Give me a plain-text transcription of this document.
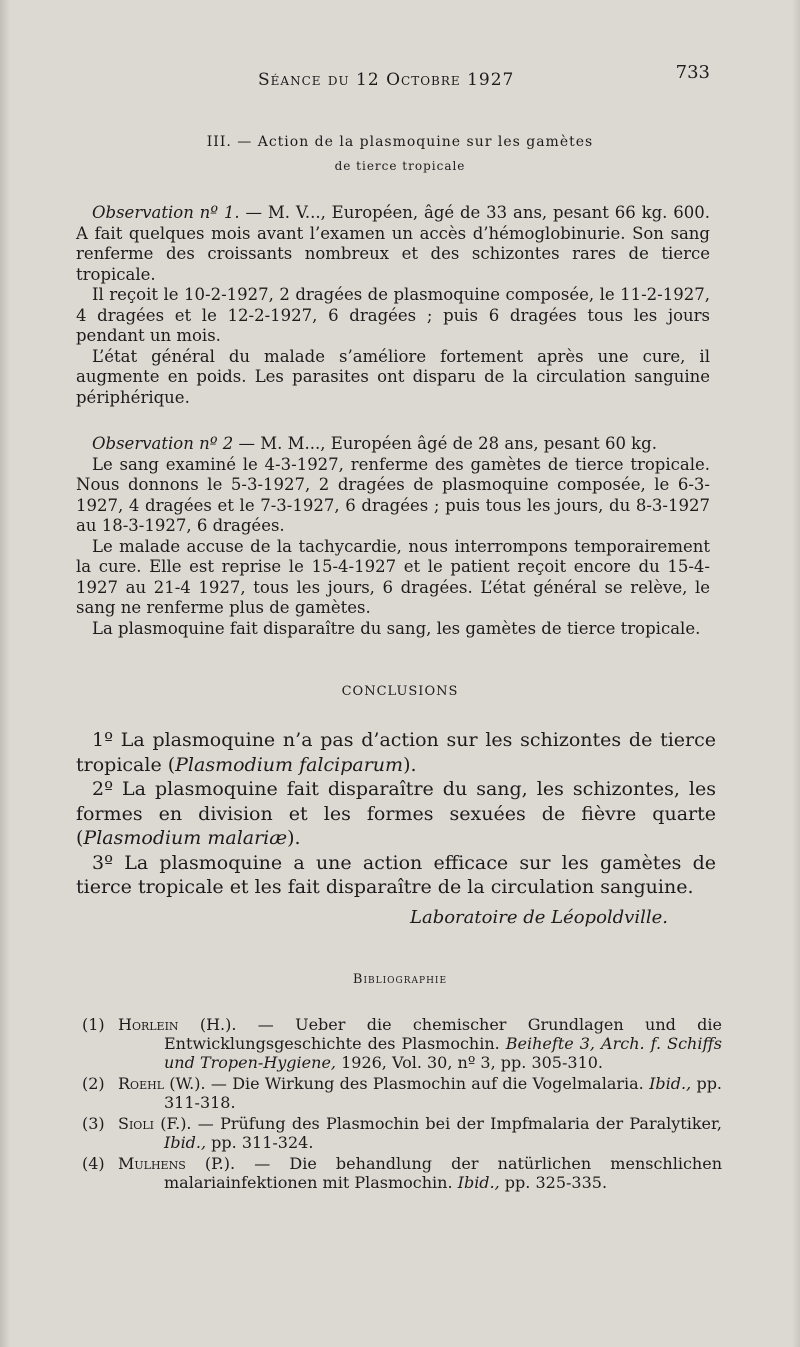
Séance du 12 Octobre 1927	733
III. — Action de la plasmoquine sur les gamètes
de tierce tropicale

Observation nº 1. — M. V..., Européen, âgé de 33 ans, pesant 66 kg. 600. A fait quelques mois avant l’examen un accès d’hémoglobinurie. Son sang renferme des croissants nombreux et des schizontes rares de tierce tropicale.

Il reçoit le 10-2-1927, 2 dragées de plasmoquine composée, le 11-2-1927, 4 dragées et le 12-2-1927, 6 dragées ; puis 6 dragées tous les jours pendant un mois.

L’état général du malade s’améliore fortement après une cure, il augmente en poids. Les parasites ont disparu de la circulation sanguine périphérique.

Observation nº 2 — M. M..., Européen âgé de 28 ans, pesant 60 kg.

Le sang examiné le 4-3-1927, renferme des gamètes de tierce tropicale. Nous donnons le 5-3-1927, 2 dragées de plasmoquine composée, le 6-3-1927, 4 dragées et le 7-3-1927, 6 dragées ; puis tous les jours, du 8-3-1927 au 18-3-1927, 6 dragées.

Le malade accuse de la tachycardie, nous interrompons temporairement la cure. Elle est reprise le 15-4-1927 et le patient reçoit encore du 15-4-1927 au 21-4 1927, tous les jours, 6 dragées. L’état général se relève, le sang ne renferme plus de gamètes.

La plasmoquine fait disparaître du sang, les gamètes de tierce tropicale.

CONCLUSIONS

1º La plasmoquine n’a pas d’action sur les schizontes de tierce tropicale (Plasmodium falciparum).

2º La plasmoquine fait disparaître du sang, les schizontes, les formes en division et les formes sexuées de fièvre quarte (Plasmodium malariæ).

3º La plasmoquine a une action efficace sur les gamètes de tierce tropicale et les fait disparaître de la circulation sanguine.

Laboratoire de Léopoldville.
Bibliographie
(1) Horlein (H.). — Ueber die chemischer Grundlagen und die Entwicklungsgeschichte des Plasmochin. Beihefte 3, Arch. f. Schiffs und Tropen-Hygiene, 1926, Vol. 30, nº 3, pp. 305-310.
(2) Roehl (W.). — Die Wirkung des Plasmochin auf die Vogelmalaria. Ibid., pp. 311-318.
(3) Sioli (F.). — Prüfung des Plasmochin bei der Impfmalaria der Paralytiker, Ibid., pp. 311-324.
(4) Mulhens (P.). — Die behandlung der natürlichen menschlichen malariainfektionen mit Plasmochin. Ibid., pp. 325-335.
